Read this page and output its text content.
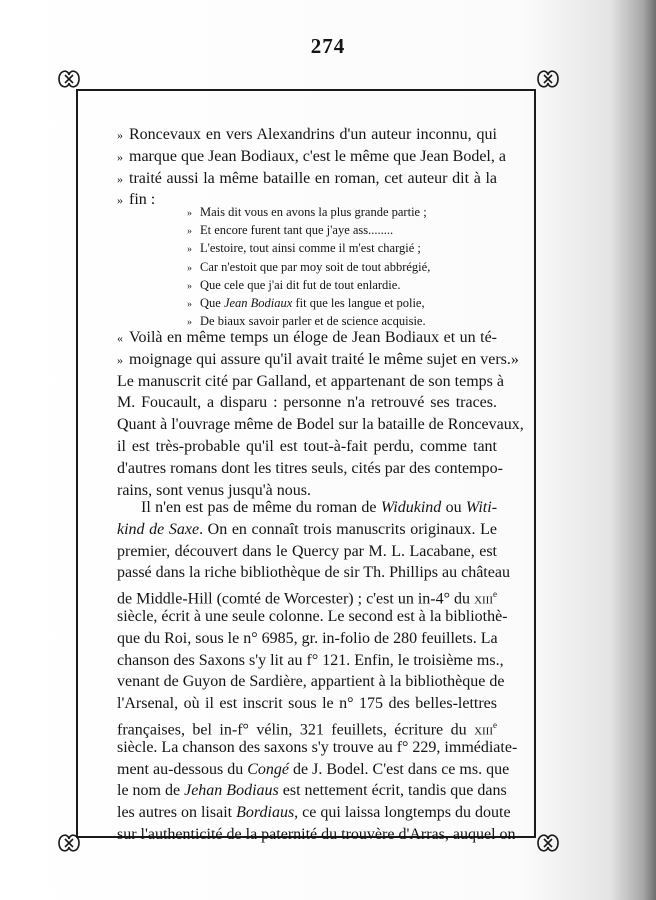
274
» Roncevaux en vers Alexandrins d'un auteur inconnu, qui
» marque que Jean Bodiaux, c'est le même que Jean Bodel, a
» traité aussi la même bataille en roman, cet auteur dit à la
» fin :
» Mais dit vous en avons la plus grande partie ;
» Et encore furent tant que j'aye ass........
» L'estoire, tout ainsi comme il m'est chargié ;
» Car n'estoit que par moy soit de tout abbrégié,
» Que cele que j'ai dit fut de tout enlardie.
» Que Jean Bodiaux fit que les langue et polie,
» De biaux savoir parler et de science acquisie.
« Voilà en même temps un éloge de Jean Bodiaux et un té-
» moignage qui assure qu'il avait traité le même sujet en vers.»
Le manuscrit cité par Galland, et appartenant de son temps à
M. Foucault, a disparu : personne n'a retrouvé ses traces.
Quant à l'ouvrage même de Bodel sur la bataille de Roncevaux,
il est très-probable qu'il est tout-à-fait perdu, comme tant
d'autres romans dont les titres seuls, cités par des contempo-
rains, sont venus jusqu'à nous.
Il n'en est pas de même du roman de Widukind ou Witi-
kind de Saxe. On en connaît trois manuscrits originaux. Le
premier, découvert dans le Quercy par M. L. Lacabane, est
passé dans la riche bibliothèque de sir Th. Phillips au château
de Middle-Hill (comté de Worcester) ; c'est un in-4° du XIIIe
siècle, écrit à une seule colonne. Le second est à la bibliothè-
que du Roi, sous le n° 6985, gr. in-folio de 280 feuillets. La
chanson des Saxons s'y lit au f° 121. Enfin, le troisième ms.,
venant de Guyon de Sardière, appartient à la bibliothèque de
l'Arsenal, où il est inscrit sous le n° 175 des belles-lettres
françaises, bel in-f° vélin, 321 feuillets, écriture du XIIIe
siècle. La chanson des saxons s'y trouve au f° 229, immédiate-
ment au-dessous du Congé de J. Bodel. C'est dans ce ms. que
le nom de Jehan Bodiaus est nettement écrit, tandis que dans
les autres on lisait Bordiaus, ce qui laissa longtemps du doute
sur l'authenticité de la paternité du trouvère d'Arras, auquel on
